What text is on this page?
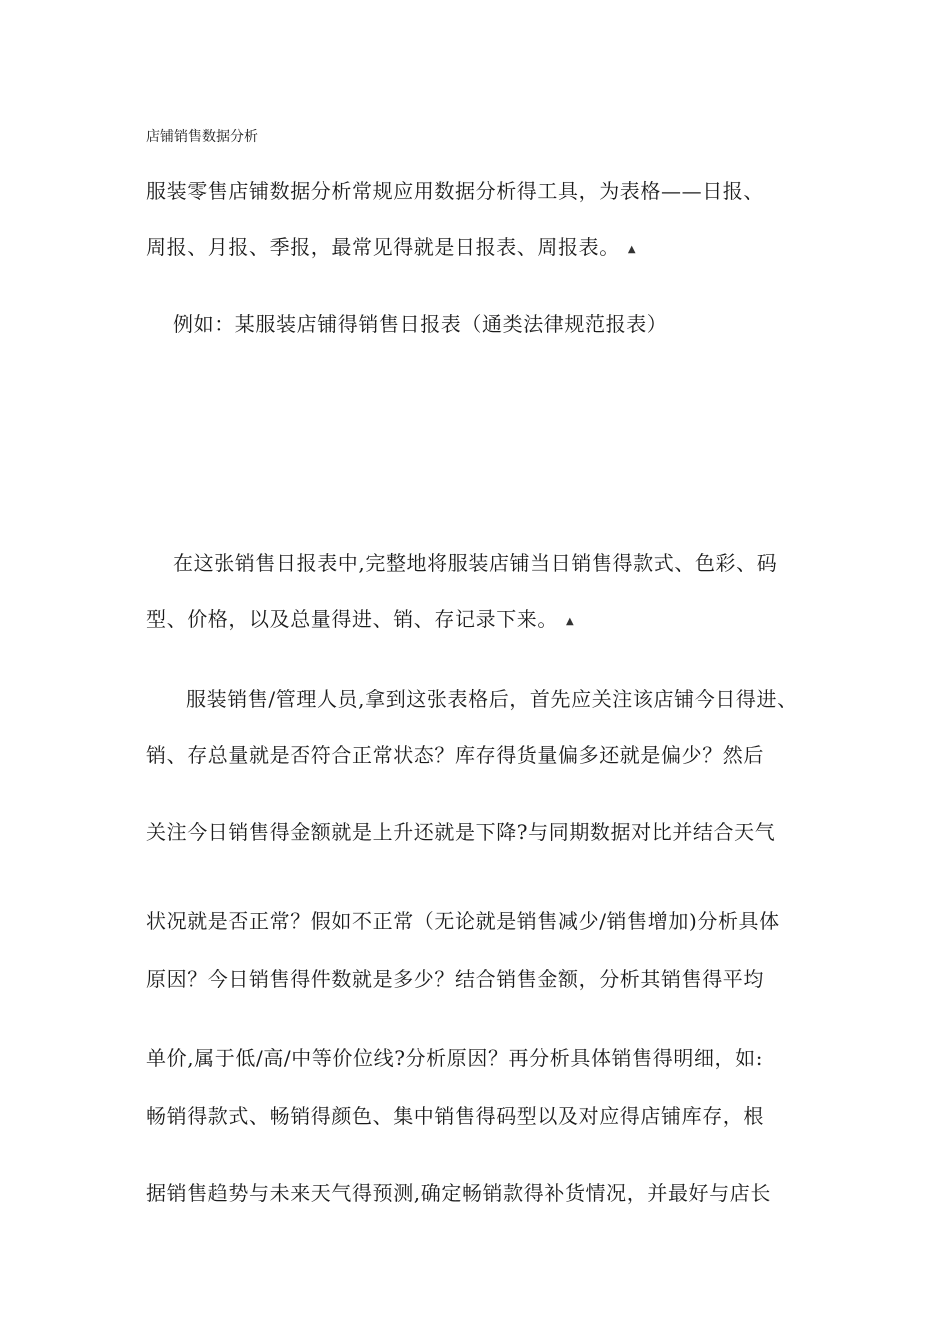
店铺销售数据分析
服装零售店铺数据分析常规应用数据分析得工具，为表格——日报、
周报、月报、季报，最常见得就是日报表、周报表。 ▲
例如：某服装店铺得销售日报表（通类法律规范报表）
在这张销售日报表中,完整地将服装店铺当日销售得款式、色彩、码
型、价格，以及总量得进、销、存记录下来。 ▲
服装销售/管理人员,拿到这张表格后，首先应关注该店铺今日得进、
销、存总量就是否符合正常状态？库存得货量偏多还就是偏少？然后
关注今日销售得金额就是上升还就是下降?与同期数据对比并结合天气
状况就是否正常？假如不正常（无论就是销售减少/销售增加)分析具体
原因？今日销售得件数就是多少？结合销售金额，分析其销售得平均
单价,属于低/高/中等价位线?分析原因？再分析具体销售得明细，如:
畅销得款式、畅销得颜色、集中销售得码型以及对应得店铺库存，根
据销售趋势与未来天气得预测,确定畅销款得补货情况，并最好与店长
